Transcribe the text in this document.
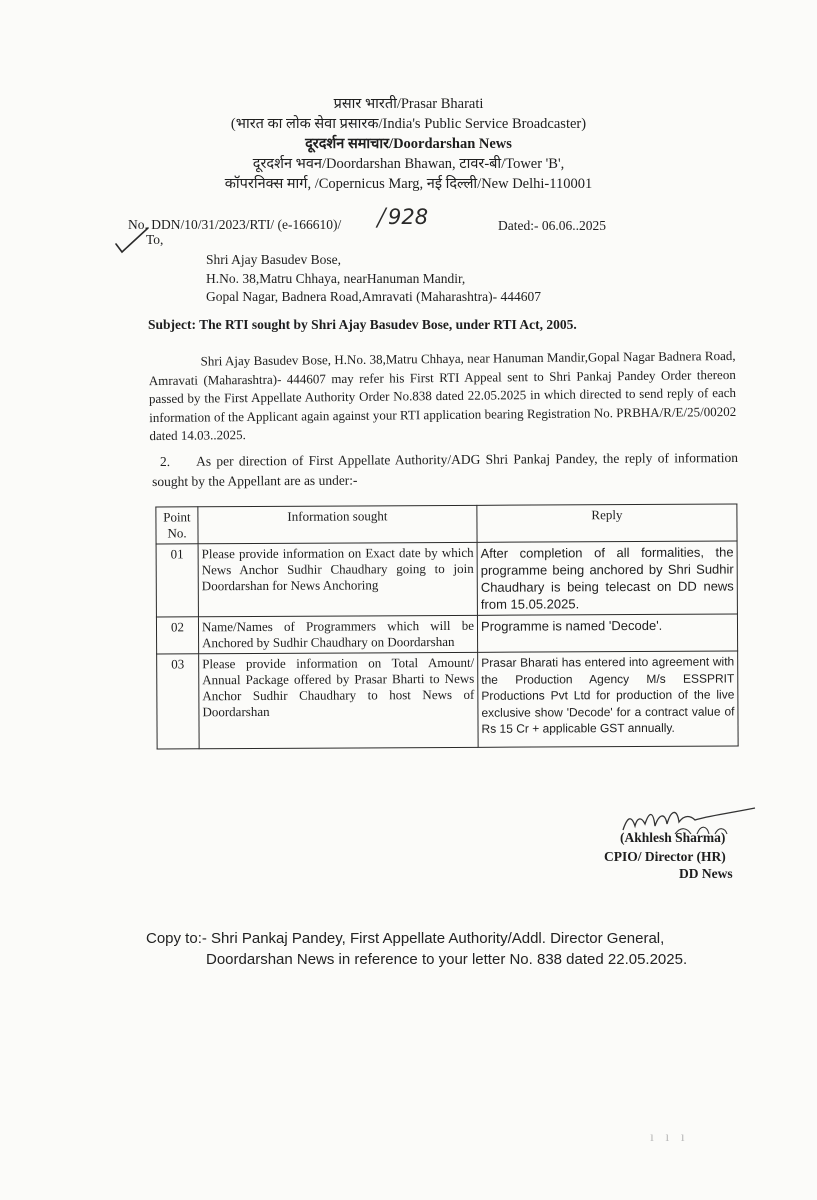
प्रसार भारती/Prasar Bharati
(भारत का लोक सेवा प्रसारक/India's Public Service Broadcaster)
दूरदर्शन समाचार/Doordarshan News
दूरदर्शन भवन/Doordarshan Bhawan, टावर-बी/Tower 'B',
कॉपरनिक्स मार्ग, /Copernicus Marg, नई दिल्ली/New Delhi-110001
No. DDN/10/31/2023/RTI/ (e-166610)/ / 928	Dated:- 06.06..2025
To,
Shri Ajay Basudev Bose,
H.No. 38,Matru Chhaya, nearHanuman Mandir,
Gopal Nagar, Badnera Road,Amravati (Maharashtra)- 444607
Subject: The RTI sought by Shri Ajay Basudev Bose, under RTI Act, 2005.
Shri Ajay Basudev Bose, H.No. 38,Matru Chhaya, near Hanuman Mandir,Gopal Nagar Badnera Road, Amravati (Maharashtra)- 444607 may refer his First RTI Appeal sent to Shri Pankaj Pandey Order thereon passed by the First Appellate Authority Order No.838 dated 22.05.2025 in which directed to send reply of each information of the Applicant again against your RTI application bearing Registration No. PRBHA/R/E/25/00202 dated 14.03..2025.
2. As per direction of First Appellate Authority/ADG Shri Pankaj Pandey, the reply of information sought by the Appellant are as under:-
Point No.	Information sought	Reply
01	Please provide information on Exact date by which News Anchor Sudhir Chaudhary going to join Doordarshan for News Anchoring	After completion of all formalities, the programme being anchored by Shri Sudhir Chaudhary is being telecast on DD news from 15.05.2025.
02	Name/Names of Programmers which will be Anchored by Sudhir Chaudhary on Doordarshan	Programme is named 'Decode'.
03	Please provide information on Total Amount/ Annual Package offered by Prasar Bharti to News Anchor Sudhir Chaudhary to host News of Doordarshan	Prasar Bharati has entered into agreement with the Production Agency M/s ESSPRIT Productions Pvt Ltd for production of the live exclusive show 'Decode' for a contract value of Rs 15 Cr + applicable GST annually.
(Akhlesh Sharma)
CPIO/ Director (HR)
DD News
Copy to:- Shri Pankaj Pandey, First Appellate Authority/Addl. Director General,
Doordarshan News in reference to your letter No. 838 dated 22.05.2025.
ı ı ı
